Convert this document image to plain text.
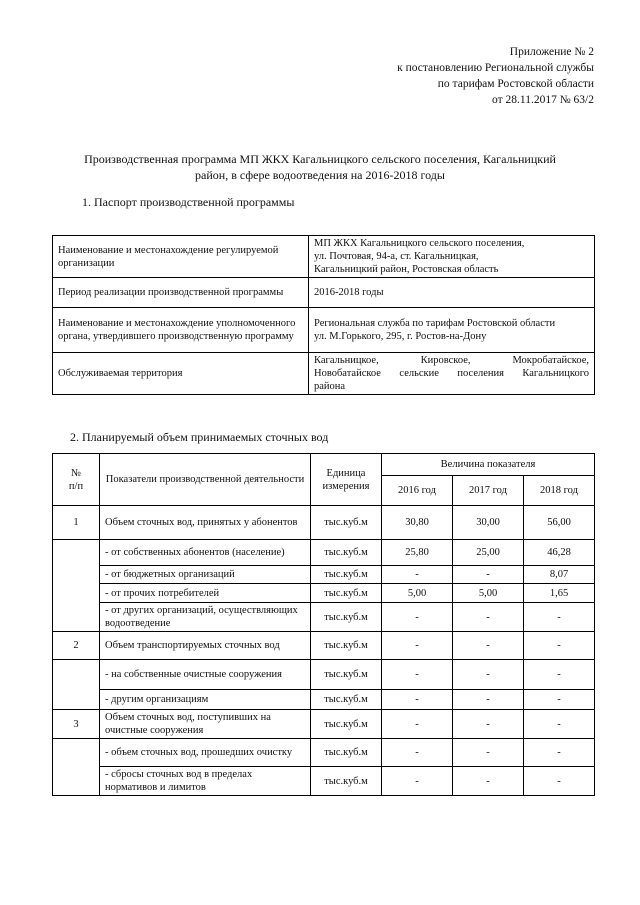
Приложение № 2
к постановлению Региональной службы
по тарифам Ростовской области
от 28.11.2017 № 63/2
Производственная программа МП ЖКХ Кагальницкого сельского поселения, Кагальницкий
район, в сфере водоотведения на 2016-2018 годы
1. Паспорт производственной программы
Наименование и местонахождение регулируемой организации	МП ЖКХ Кагальницкого сельского поселения,
ул. Почтовая, 94-а, ст. Кагальницкая,
Кагальницкий район, Ростовская область

Период реализации производственной программы	2016-2018 годы
Наименование и местонахождение уполномоченного органа, утвердившего производственную программу	Региональная служба по тарифам Ростовской области
ул. М.Горького, 295, г. Ростов-на-Дону

Обслуживаемая территория	Кагальницкое, Кировское, Мокробатайское,
Новобатайское сельские поселения Кагальницкого
района
2. Планируемый объем принимаемых сточных вод
№
п/п	Показатели производственной деятельности	Единица измерения	Величина показателя		
			2016 год	2017 год	2018 год
1	Объем сточных вод, принятых у абонентов	тыс.куб.м	30,80	30,00	56,00
	- от собственных абонентов (население)	тыс.куб.м	25,80	25,00	46,28
	- от бюджетных организаций	тыс.куб.м	-	-	8,07
	- от прочих потребителей	тыс.куб.м	5,00	5,00	1,65
	- от других организаций, осуществляющих водоотведение	тыс.куб.м	-	-	-
2	Объем транспортируемых сточных вод	тыс.куб.м	-	-	-
	- на собственные очистные сооружения	тыс.куб.м	-	-	-
	- другим организациям	тыс.куб.м	-	-	-
3	Объем сточных вод, поступивших на очистные сооружения	тыс.куб.м	-	-	-
	- объем сточных вод, прошедших очистку	тыс.куб.м	-	-	-
	- сбросы сточных вод в пределах нормативов и лимитов	тыс.куб.м	-	-	-
